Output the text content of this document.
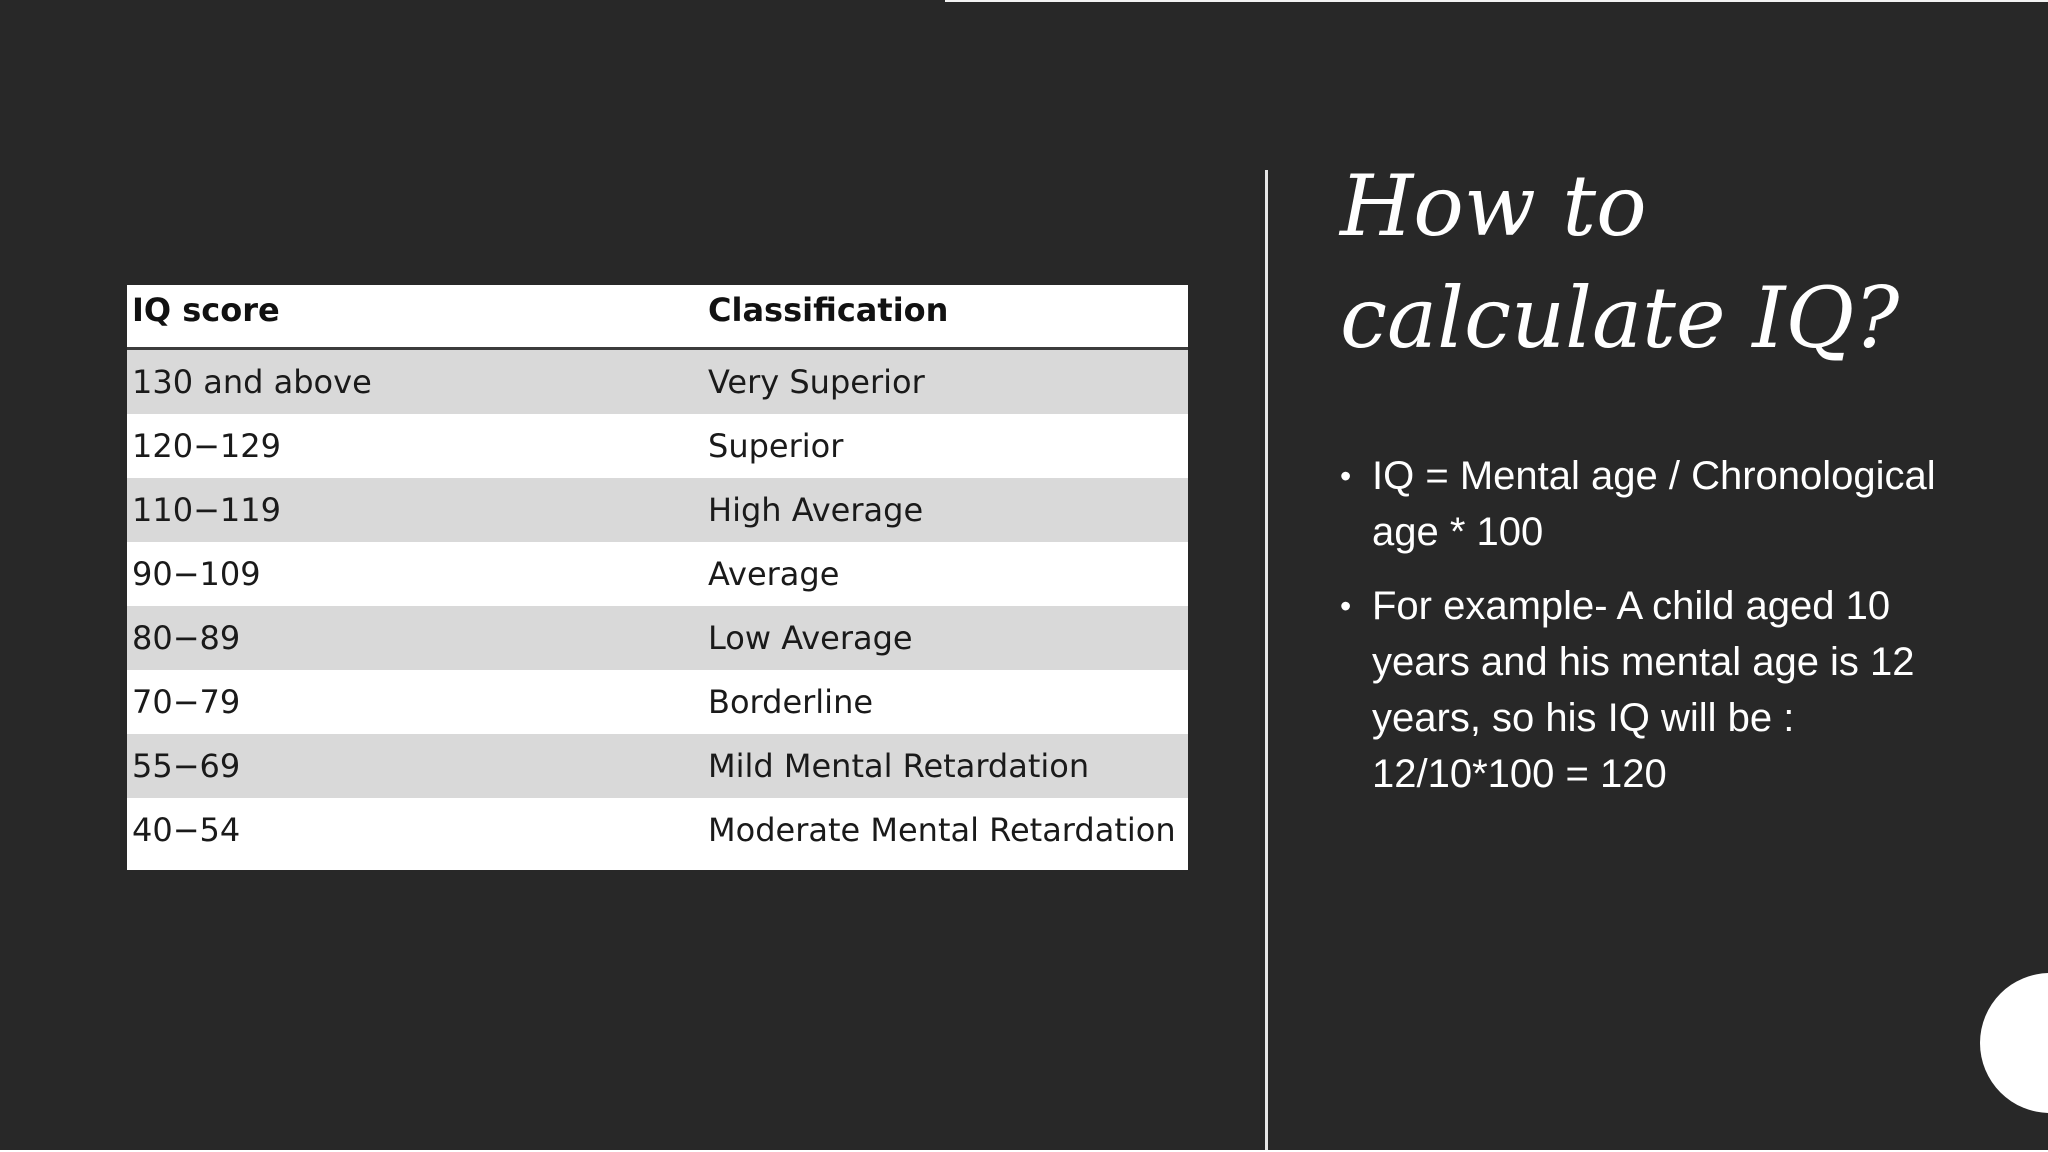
IQ score	Classification
130 and above	Very Superior
120−129	Superior
110−119	High Average
90−109	Average
80−89	Low Average
70−79	Borderline
55−69	Mild Mental Retardation
40−54	Moderate Mental Retardation
How to calculate IQ?
• IQ = Mental age / Chronological age * 100
• For example- A child aged 10 years and his mental age is 12 years, so his IQ will be : 12/10*100 = 120
